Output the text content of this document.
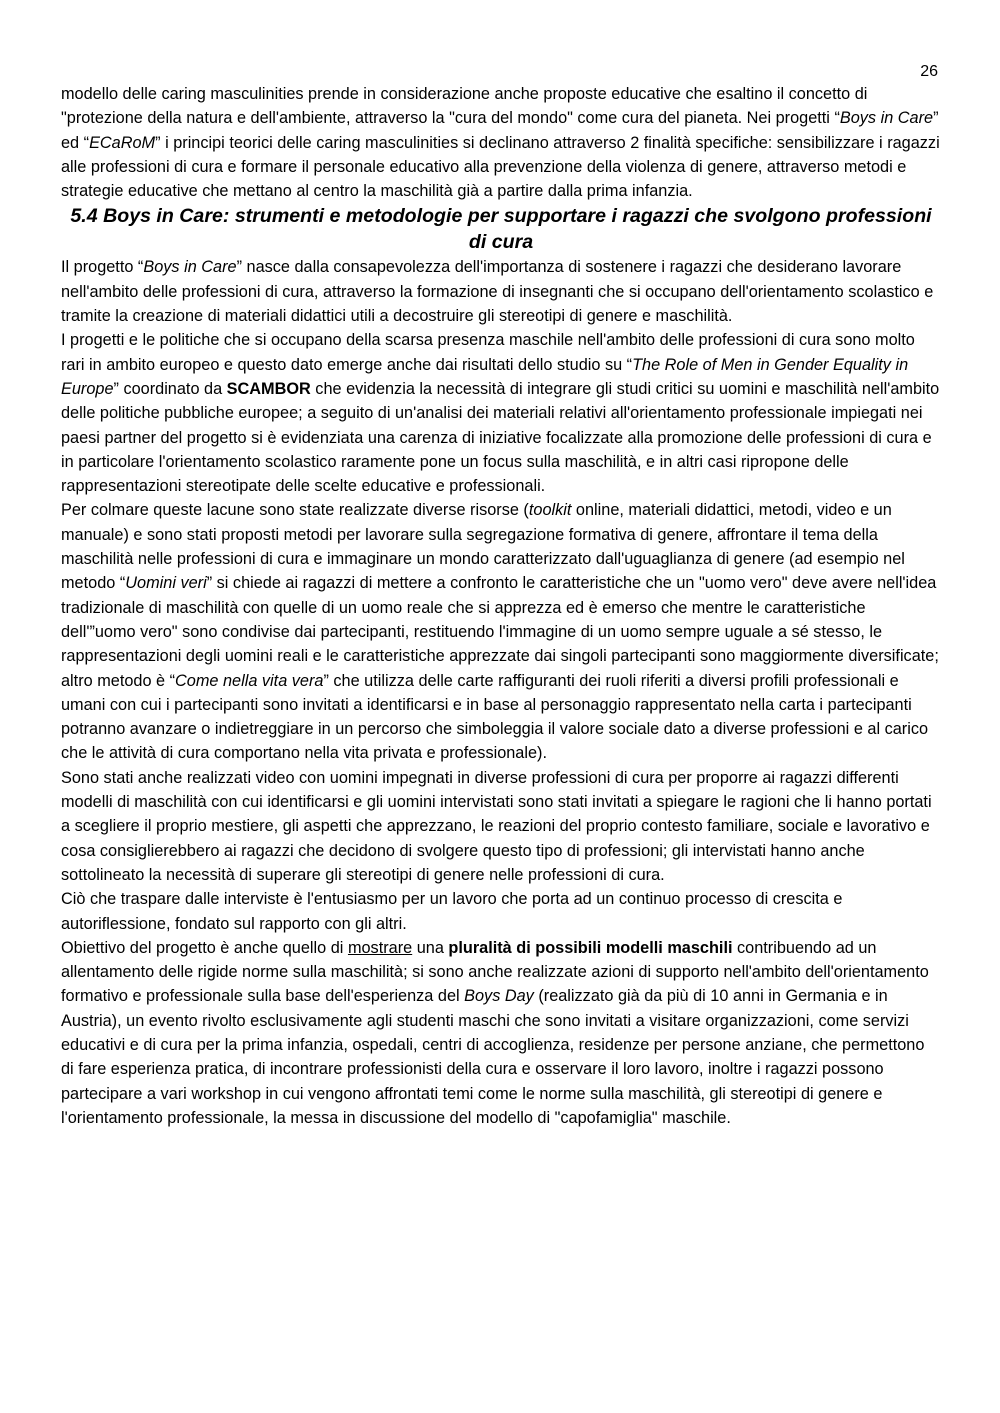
26

modello delle caring masculinities prende in considerazione anche proposte educative che esaltino il concetto di "protezione della natura e dell'ambiente, attraverso la "cura del mondo" come cura del pianeta. Nei progetti “Boys in Care” ed “ECaRoM” i principi teorici delle caring masculinities si declinano attraverso 2 finalità specifiche: sensibilizzare i ragazzi alle professioni di cura e formare il personale educativo alla prevenzione della violenza di genere, attraverso metodi e strategie educative che mettano al centro la maschilità già a partire dalla prima infanzia.

5.4 Boys in Care: strumenti e metodologie per supportare i ragazzi che svolgono professioni di cura

Il progetto “Boys in Care” nasce dalla consapevolezza dell'importanza di sostenere i ragazzi che desiderano lavorare nell'ambito delle professioni di cura, attraverso la formazione di insegnanti che si occupano dell'orientamento scolastico e tramite la creazione di materiali didattici utili a decostruire gli stereotipi di genere e maschilità.

I progetti e le politiche che si occupano della scarsa presenza maschile nell'ambito delle professioni di cura sono molto rari in ambito europeo e questo dato emerge anche dai risultati dello studio su “The Role of Men in Gender Equality in Europe” coordinato da SCAMBOR che evidenzia la necessità di integrare gli studi critici su uomini e maschilità nell'ambito delle politiche pubbliche europee; a seguito di un'analisi dei materiali relativi all'orientamento professionale impiegati nei paesi partner del progetto si è evidenziata una carenza di iniziative focalizzate alla promozione delle professioni di cura e in particolare l'orientamento scolastico raramente pone un focus sulla maschilità, e in altri casi ripropone delle rappresentazioni stereotipate delle scelte educative e professionali.

Per colmare queste lacune sono state realizzate diverse risorse (toolkit online, materiali didattici, metodi, video e un manuale) e sono stati proposti metodi per lavorare sulla segregazione formativa di genere, affrontare il tema della maschilità nelle professioni di cura e immaginare un mondo caratterizzato dall'uguaglianza di genere (ad esempio nel metodo “Uomini veri” si chiede ai ragazzi di mettere a confronto le caratteristiche che un "uomo vero" deve avere nell'idea tradizionale di maschilità con quelle di un uomo reale che si apprezza ed è emerso che mentre le caratteristiche dell'”uomo vero" sono condivise dai partecipanti, restituendo l'immagine di un uomo sempre uguale a sé stesso, le rappresentazioni degli uomini reali e le caratteristiche apprezzate dai singoli partecipanti sono maggiormente diversificate; altro metodo è “Come nella vita vera” che utilizza delle carte raffiguranti dei ruoli riferiti a diversi profili professionali e umani con cui i partecipanti sono invitati a identificarsi e in base al personaggio rappresentato nella carta i partecipanti potranno avanzare o indietreggiare in un percorso che simboleggia il valore sociale dato a diverse professioni e al carico che le attività di cura comportano nella vita privata e professionale).

Sono stati anche realizzati video con uomini impegnati in diverse professioni di cura per proporre ai ragazzi differenti modelli di maschilità con cui identificarsi e gli uomini intervistati sono stati invitati a spiegare le ragioni che li hanno portati a scegliere il proprio mestiere, gli aspetti che apprezzano, le reazioni del proprio contesto familiare, sociale e lavorativo e cosa consiglierebbero ai ragazzi che decidono di svolgere questo tipo di professioni; gli intervistati hanno anche sottolineato la necessità di superare gli stereotipi di genere nelle professioni di cura.

Ciò che traspare dalle interviste è l'entusiasmo per un lavoro che porta ad un continuo processo di crescita e autoriflessione, fondato sul rapporto con gli altri.

Obiettivo del progetto è anche quello di mostrare una pluralità di possibili modelli maschili contribuendo ad un allentamento delle rigide norme sulla maschilità; si sono anche realizzate azioni di supporto nell'ambito dell'orientamento formativo e professionale sulla base dell'esperienza del Boys Day (realizzato già da più di 10 anni in Germania e in Austria), un evento rivolto esclusivamente agli studenti maschi che sono invitati a visitare organizzazioni, come servizi educativi e di cura per la prima infanzia, ospedali, centri di accoglienza, residenze per persone anziane, che permettono di fare esperienza pratica, di incontrare professionisti della cura e osservare il loro lavoro, inoltre i ragazzi possono partecipare a vari workshop in cui vengono affrontati temi come le norme sulla maschilità, gli stereotipi di genere e l'orientamento professionale, la messa in discussione del modello di "capofamiglia" maschile.
